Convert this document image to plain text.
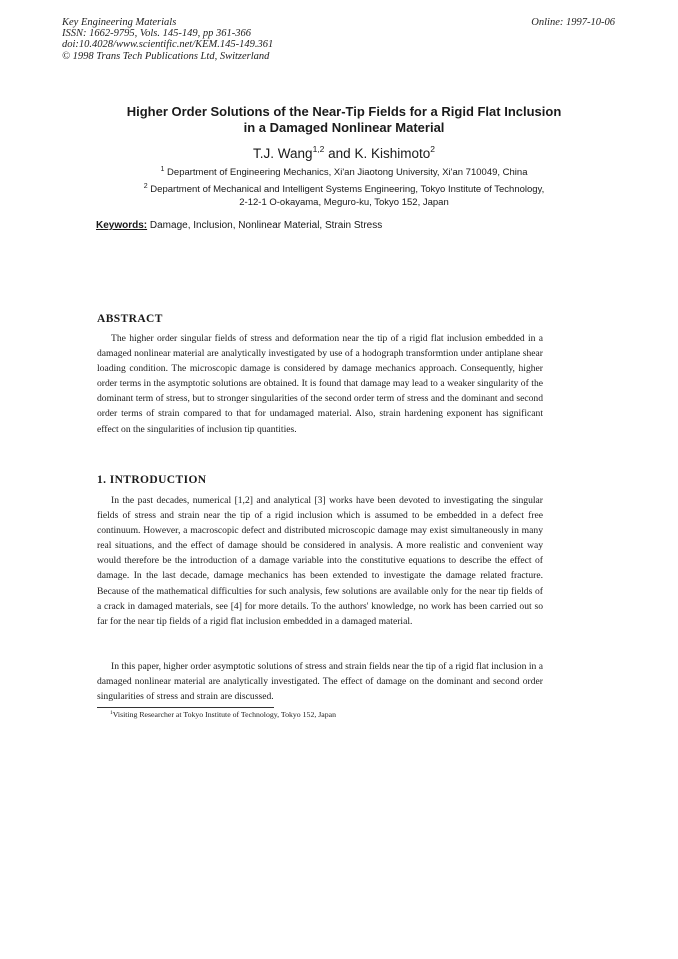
Key Engineering Materials
ISSN: 1662-9795, Vols. 145-149, pp 361-366
doi:10.4028/www.scientific.net/KEM.145-149.361
© 1998 Trans Tech Publications Ltd, Switzerland
Online: 1997-10-06
Higher Order Solutions of the Near-Tip Fields for a Rigid Flat Inclusion
in a Damaged Nonlinear Material
T.J. Wang$^{1,2}$ and K. Kishimoto$^2$
$^1$ Department of Engineering Mechanics, Xi'an Jiaotong University, Xi'an 710049, China
$^2$ Department of Mechanical and Intelligent Systems Engineering, Tokyo Institute of Technology,
2-12-1 O-okayama, Meguro-ku, Tokyo 152, Japan
Keywords: Damage, Inclusion, Nonlinear Material, Strain Stress
ABSTRACT

The higher order singular fields of stress and deformation near the tip of a rigid flat inclusion embedded in a damaged nonlinear material are analytically investigated by use of a hodograph transformtion under antiplane shear loading condition. The microscopic damage is considered by damage mechanics approach. Consequently, higher order terms in the asymptotic solutions are obtained. It is found that damage may lead to a weaker singularity of the dominant term of stress, but to stronger singularities of the second order term of stress and the dominant and second order terms of strain compared to that for undamaged material. Also, strain hardening exponent has significant effect on the singularities of inclusion tip quantities.

1. INTRODUCTION

In the past decades, numerical [1,2] and analytical [3] works have been devoted to investigating the singular fields of stress and strain near the tip of a rigid inclusion which is assumed to be embedded in a defect free continuum. However, a macroscopic defect and distributed microscopic damage may exist simultaneously in many real situations, and the effect of damage should be considered in analysis. A more realistic and convenient way would therefore be the introduction of a damage variable into the constitutive equations to describe the effect of damage. In the last decade, damage mechanics has been extended to investigate the damage related fracture. Because of the mathematical difficulties for such analysis, few solutions are available only for the near tip fields of a crack in damaged materials, see [4] for more details. To the authors' knowledge, no work has been carried out so far for the near tip fields of a rigid flat inclusion embedded in a damaged material.

In this paper, higher order asymptotic solutions of stress and strain fields near the tip of a rigid flat inclusion in a damaged nonlinear material are analytically investigated. The effect of damage on the dominant and second order singularities of stress and strain are discussed.

$^1$Visiting Researcher at Tokyo Institute of Technology, Tokyo 152, Japan
